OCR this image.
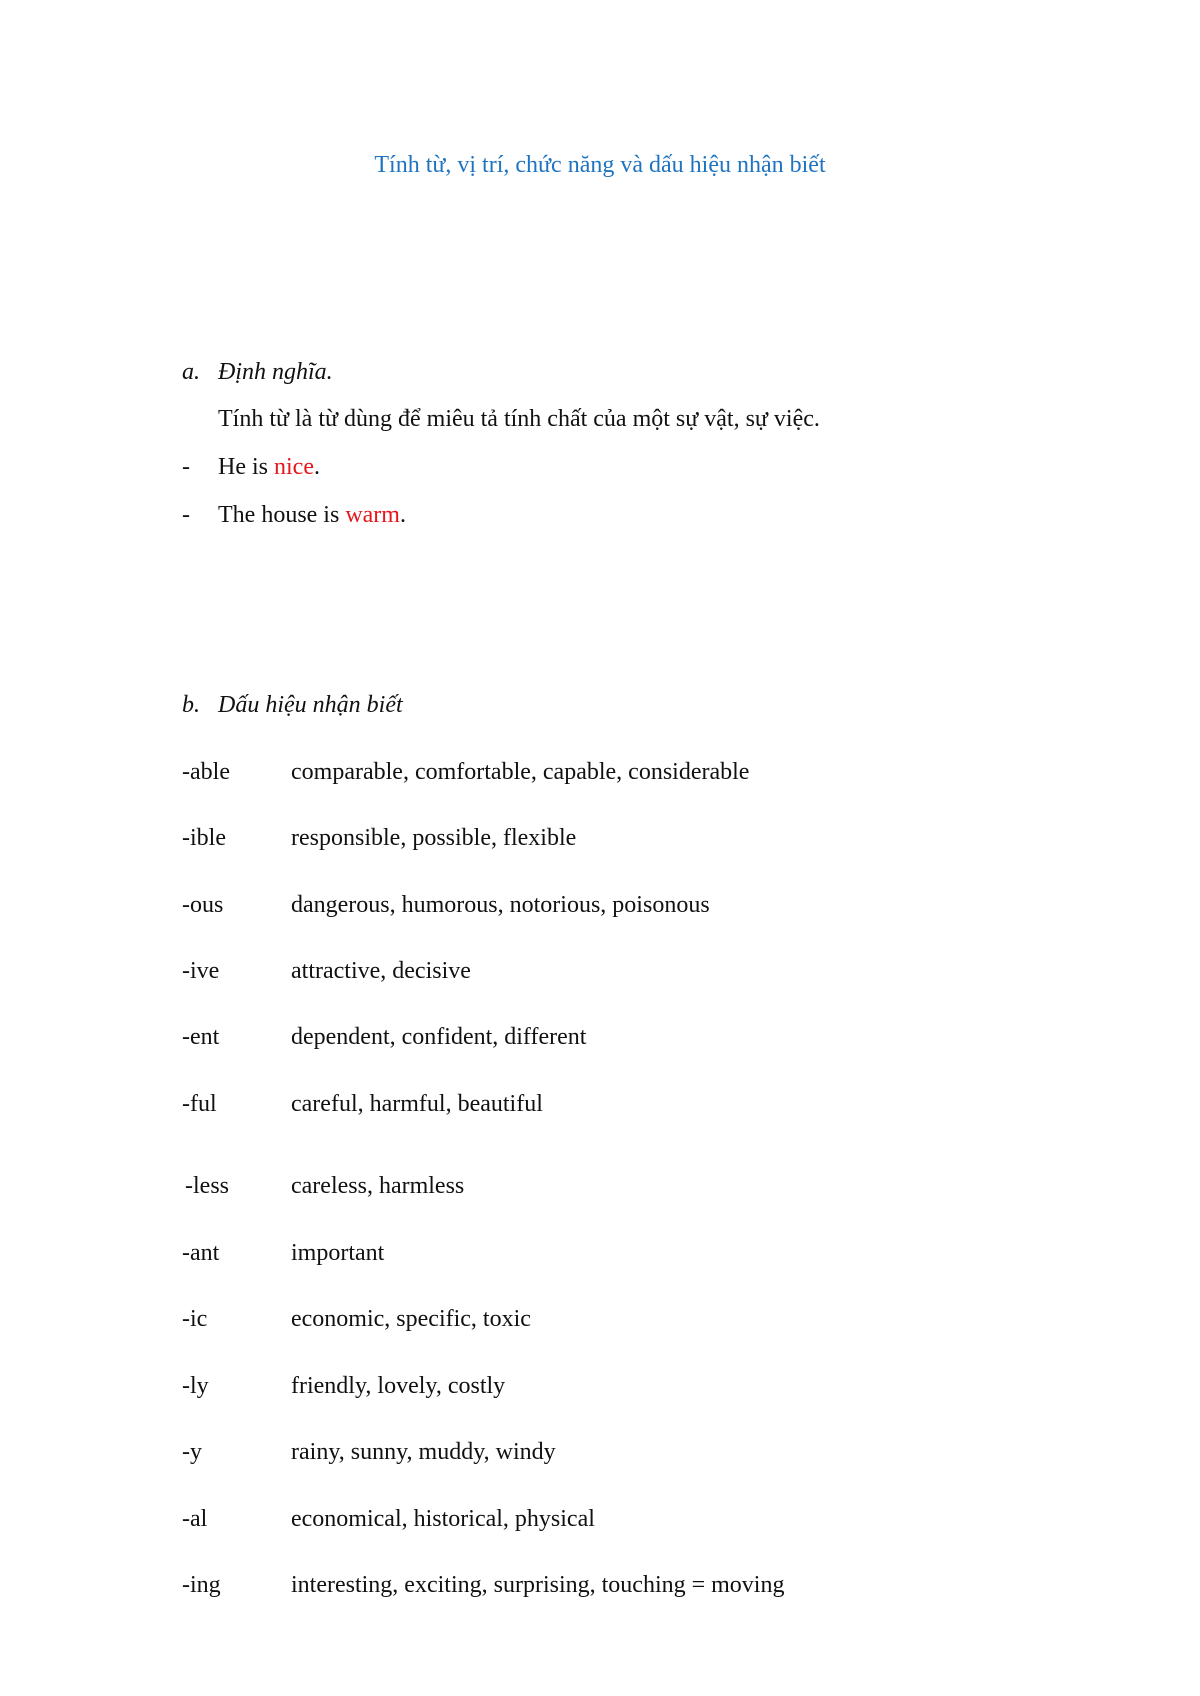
Tính từ, vị trí, chức năng và dấu hiệu nhận biết
a. Định nghĩa.
Tính từ là từ dùng để miêu tả tính chất của một sự vật, sự việc.
- He is nice.
- The house is warm.
b. Dấu hiệu nhận biết
-able	comparable, comfortable, capable, considerable
-ible	responsible, possible, flexible
-ous	dangerous, humorous, notorious, poisonous
-ive	attractive, decisive
-ent	dependent, confident, different
-ful	careful, harmful, beautiful
-less	careless, harmless
-ant	important
-ic	economic, specific, toxic
-ly	friendly, lovely, costly
-y	rainy, sunny, muddy, windy
-al	economical, historical, physical
-ing	interesting, exciting, surprising, touching = moving
